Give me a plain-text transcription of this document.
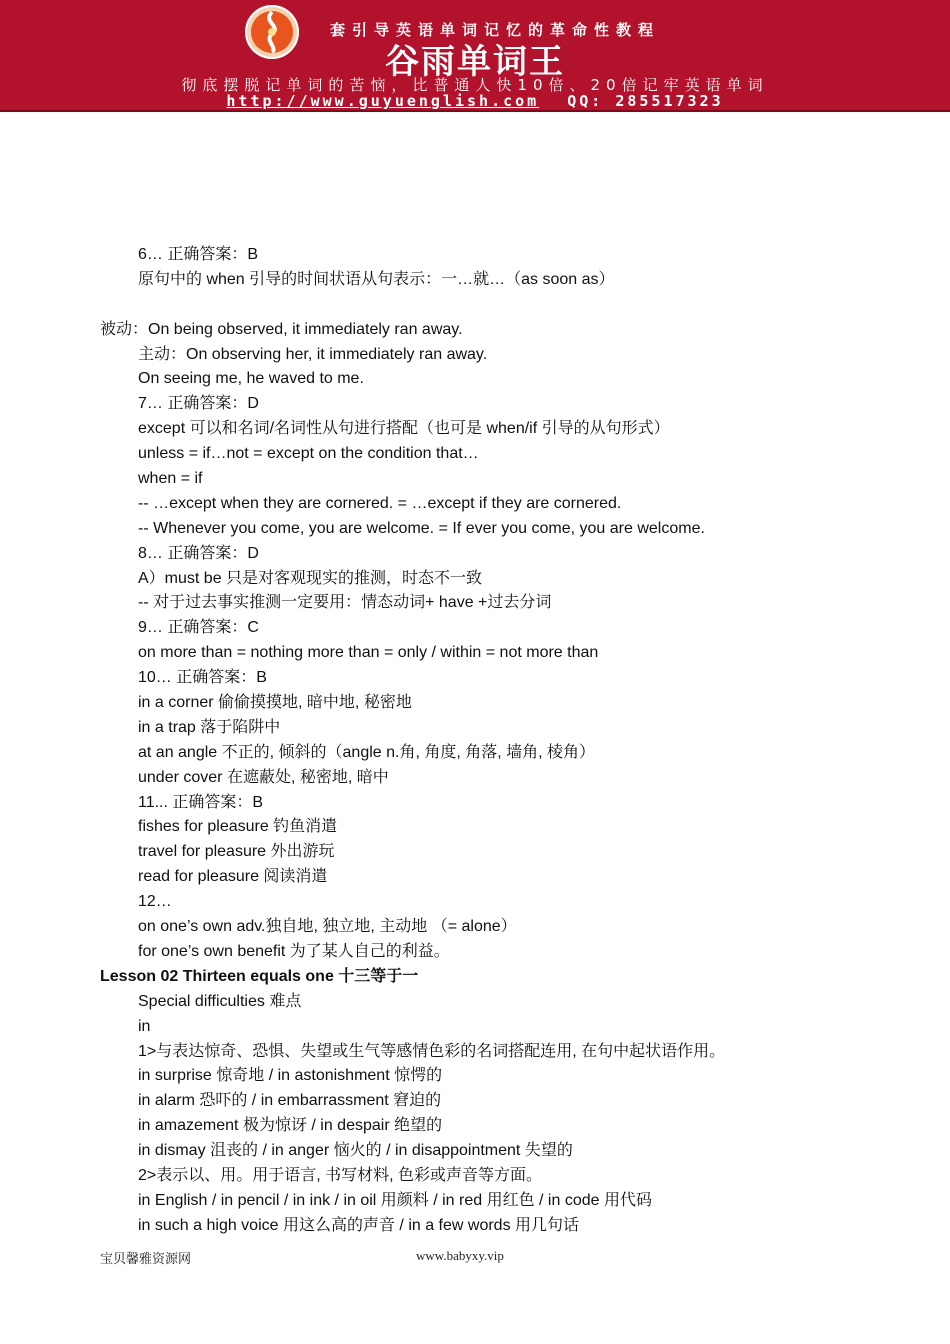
套引导英语单词记忆的革命性教程
谷雨单词王
彻底摆脱记单词的苦恼，比普通人快10倍、20倍记牢英语单词
http://www.guyuenglish.com QQ: 285517323
6… 正确答案：B
原句中的 when 引导的时间状语从句表示：一…就…（as soon as）
被动：On being observed, it immediately ran away.
主动：On observing her, it immediately ran away.
On seeing me, he waved to me.
7… 正确答案：D
except 可以和名词/名词性从句进行搭配（也可是 when/if 引导的从句形式）
unless = if…not = except on the condition that…
when = if
-- …except when they are cornered. = …except if they are cornered.
-- Whenever you come, you are welcome. = If ever you come, you are welcome.
8… 正确答案：D
A）must be 只是对客观现实的推测，时态不一致
-- 对于过去事实推测一定要用：情态动词+ have +过去分词
9… 正确答案：C
on more than = nothing more than = only / within = not more than
10… 正确答案：B
in a corner 偷偷摸摸地, 暗中地, 秘密地
in a trap 落于陷阱中
at an angle 不正的, 倾斜的（angle n.角, 角度, 角落, 墙角, 棱角）
under cover 在遮蔽处, 秘密地, 暗中
11... 正确答案：B
fishes for pleasure 钓鱼消遣
travel for pleasure 外出游玩
read for pleasure 阅读消遣
12…
on one’s own adv.独自地, 独立地, 主动地 （= alone）
for one’s own benefit 为了某人自己的利益。
Lesson 02 Thirteen equals one 十三等于一
Special difficulties 难点
in
1>与表达惊奇、恐惧、失望或生气等感情色彩的名词搭配连用, 在句中起状语作用。
in surprise 惊奇地 / in astonishment 惊愕的
in alarm 恐吓的 / in embarrassment 窘迫的
in amazement 极为惊讶 / in despair 绝望的
in dismay 沮丧的 / in anger 恼火的 / in disappointment 失望的
2>表示以、用。用于语言, 书写材料, 色彩或声音等方面。
in English / in pencil / in ink / in oil 用颜料 / in red 用红色 / in code 用代码
in such a high voice 用这么高的声音 / in a few words 用几句话
宝贝馨雅资源网	www.babyxy.vip
